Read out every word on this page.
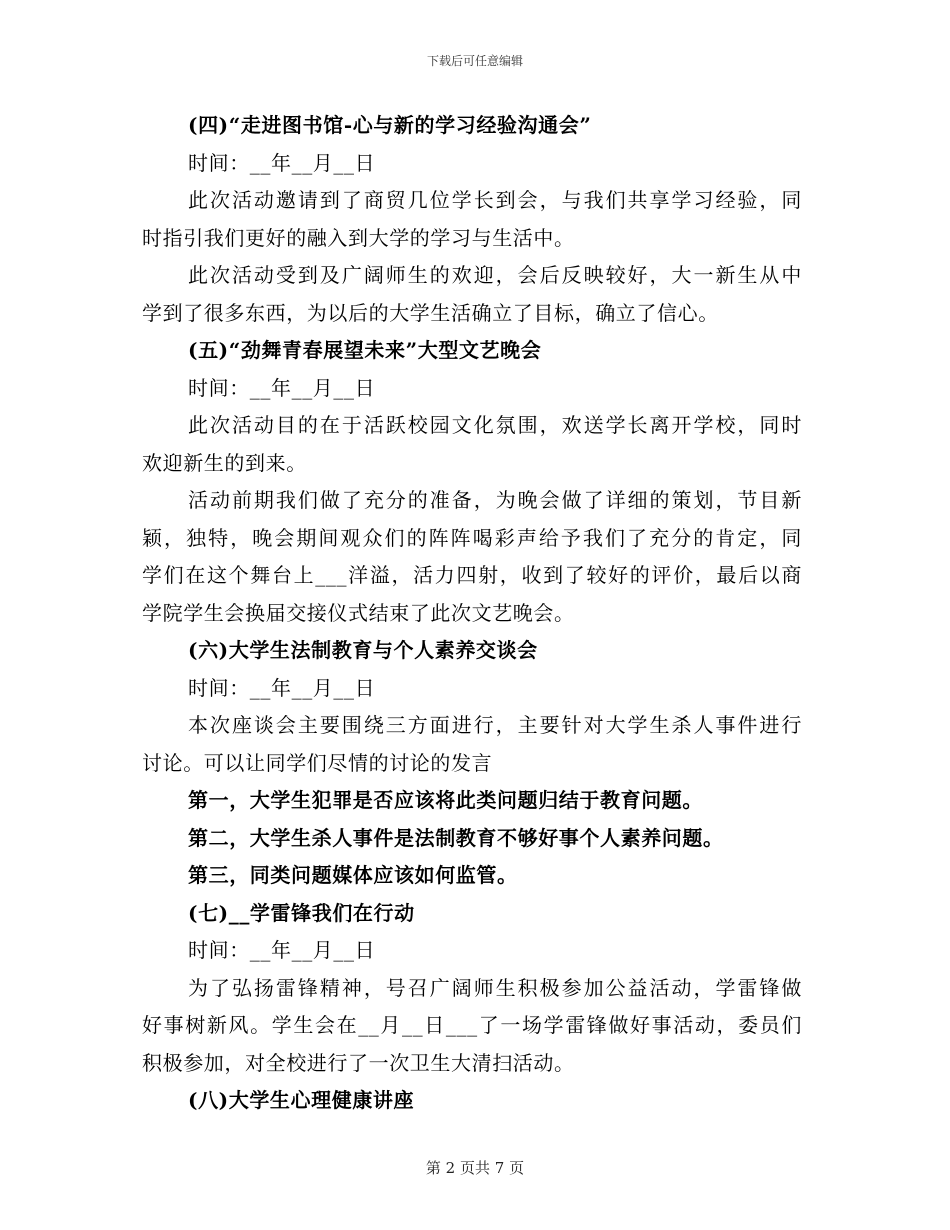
下载后可任意编辑
(四)“走进图书馆-心与新的学习经验沟通会”
时间：__年__月__日
此次活动邀请到了商贸几位学长到会，与我们共享学习经验，同
时指引我们更好的融入到大学的学习与生活中。
此次活动受到及广阔师生的欢迎，会后反映较好，大一新生从中
学到了很多东西，为以后的大学生活确立了目标，确立了信心。
(五)“劲舞青春展望未来”大型文艺晚会
时间：__年__月__日
此次活动目的在于活跃校园文化氛围，欢送学长离开学校，同时
欢迎新生的到来。
活动前期我们做了充分的准备，为晚会做了详细的策划，节目新
颖，独特，晚会期间观众们的阵阵喝彩声给予我们了充分的肯定，同
学们在这个舞台上___洋溢，活力四射，收到了较好的评价，最后以商
学院学生会换届交接仪式结束了此次文艺晚会。
(六)大学生法制教育与个人素养交谈会
时间：__年__月__日
本次座谈会主要围绕三方面进行，主要针对大学生杀人事件进行
讨论。可以让同学们尽情的讨论的发言
第一，大学生犯罪是否应该将此类问题归结于教育问题。
第二，大学生杀人事件是法制教育不够好事个人素养问题。
第三，同类问题媒体应该如何监管。
(七)__学雷锋我们在行动
时间：__年__月__日
为了弘扬雷锋精神，号召广阔师生积极参加公益活动，学雷锋做
好事树新风。学生会在__月__日___了一场学雷锋做好事活动，委员们
积极参加，对全校进行了一次卫生大清扫活动。
(八)大学生心理健康讲座
第 2 页共 7 页
